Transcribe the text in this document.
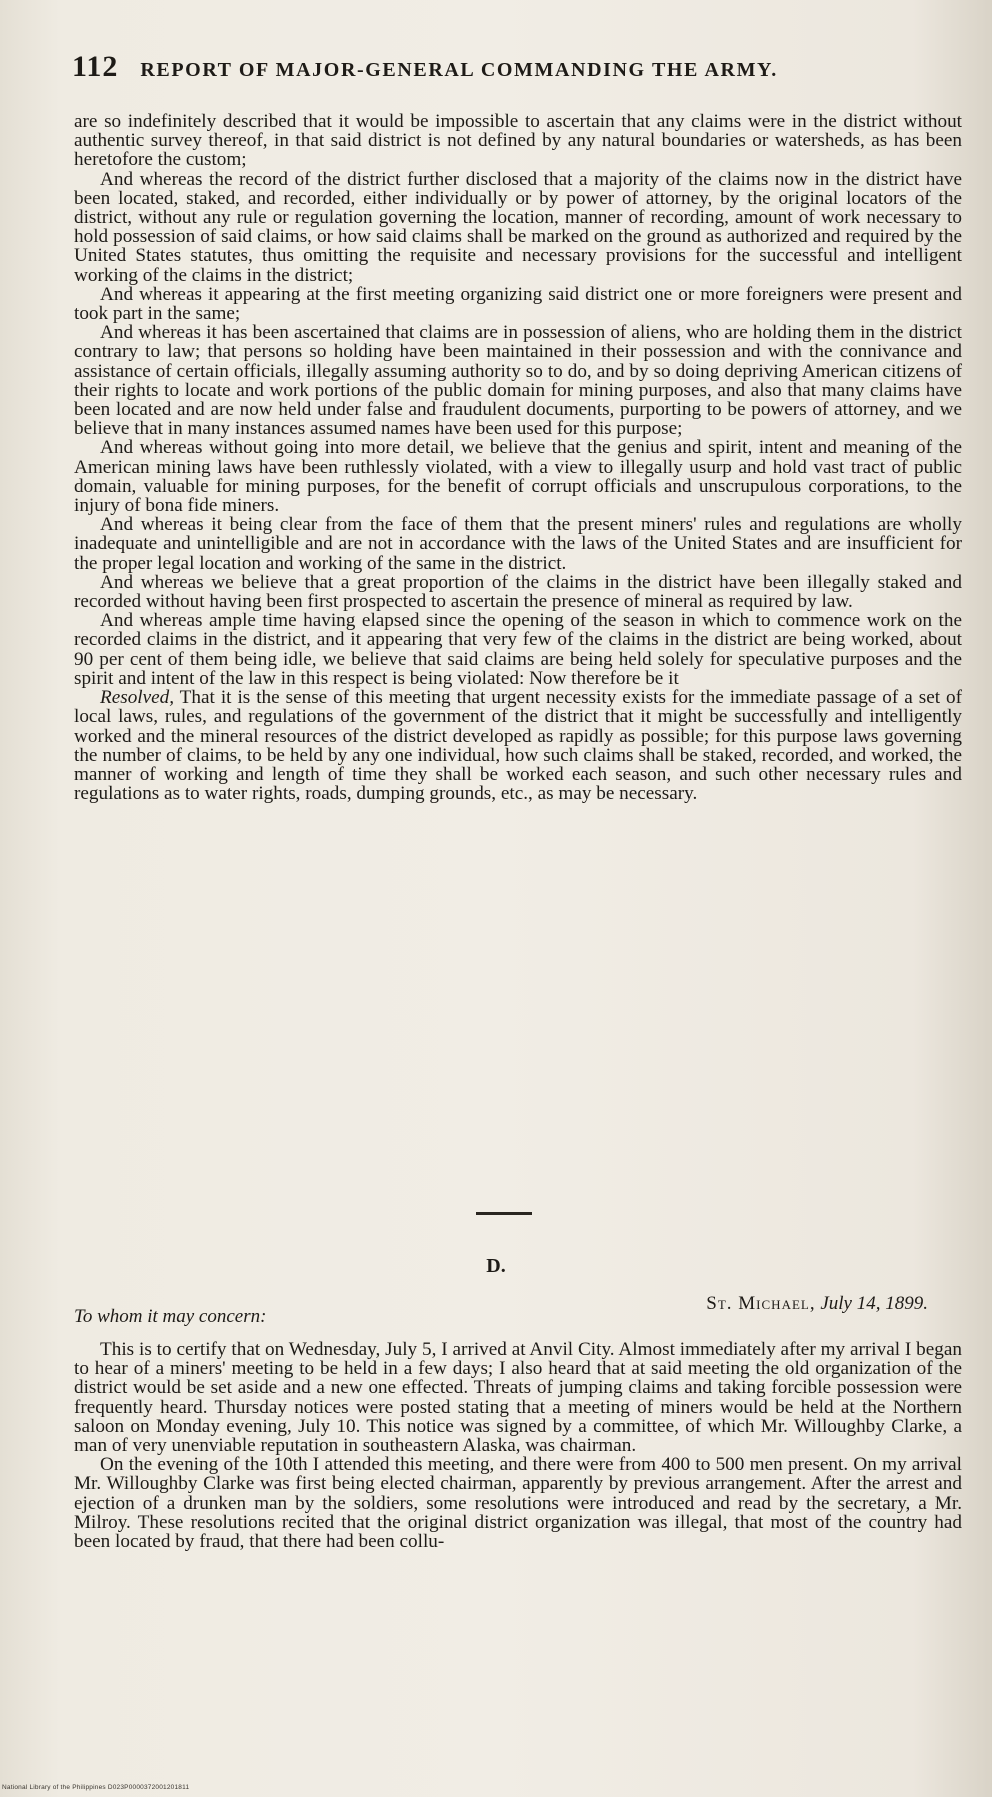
112 REPORT OF MAJOR-GENERAL COMMANDING THE ARMY.

are so indefinitely described that it would be impossible to ascertain that any claims were in the district without authentic survey thereof, in that said district is not defined by any natural boundaries or watersheds, as has been heretofore the custom;

And whereas the record of the district further disclosed that a majority of the claims now in the district have been located, staked, and recorded, either individually or by power of attorney, by the original locators of the district, without any rule or regulation governing the location, manner of recording, amount of work necessary to hold possession of said claims, or how said claims shall be marked on the ground as authorized and required by the United States statutes, thus omitting the requisite and necessary provisions for the successful and intelligent working of the claims in the district;

And whereas it appearing at the first meeting organizing said district one or more foreigners were present and took part in the same;

And whereas it has been ascertained that claims are in possession of aliens, who are holding them in the district contrary to law; that persons so holding have been maintained in their possession and with the connivance and assistance of certain officials, illegally assuming authority so to do, and by so doing depriving American citizens of their rights to locate and work portions of the public domain for mining purposes, and also that many claims have been located and are now held under false and fraudulent documents, purporting to be powers of attorney, and we believe that in many instances assumed names have been used for this purpose;

And whereas without going into more detail, we believe that the genius and spirit, intent and meaning of the American mining laws have been ruthlessly violated, with a view to illegally usurp and hold vast tract of public domain, valuable for mining purposes, for the benefit of corrupt officials and unscrupulous corporations, to the injury of bona fide miners.

And whereas it being clear from the face of them that the present miners' rules and regulations are wholly inadequate and unintelligible and are not in accordance with the laws of the United States and are insufficient for the proper legal location and working of the same in the district.

And whereas we believe that a great proportion of the claims in the district have been illegally staked and recorded without having been first prospected to ascertain the presence of mineral as required by law.

And whereas ample time having elapsed since the opening of the season in which to commence work on the recorded claims in the district, and it appearing that very few of the claims in the district are being worked, about 90 per cent of them being idle, we believe that said claims are being held solely for speculative purposes and the spirit and intent of the law in this respect is being violated: Now therefore be it

Resolved, That it is the sense of this meeting that urgent necessity exists for the immediate passage of a set of local laws, rules, and regulations of the government of the district that it might be successfully and intelligently worked and the mineral resources of the district developed as rapidly as possible; for this purpose laws governing the number of claims, to be held by any one individual, how such claims shall be staked, recorded, and worked, the manner of working and length of time they shall be worked each season, and such other necessary rules and regulations as to water rights, roads, dumping grounds, etc., as may be necessary.

D.
St. Michael, July 14, 1899.
To whom it may concern:

This is to certify that on Wednesday, July 5, I arrived at Anvil City. Almost immediately after my arrival I began to hear of a miners' meeting to be held in a few days; I also heard that at said meeting the old organization of the district would be set aside and a new one effected. Threats of jumping claims and taking forcible possession were frequently heard. Thursday notices were posted stating that a meeting of miners would be held at the Northern saloon on Monday evening, July 10. This notice was signed by a committee, of which Mr. Willoughby Clarke, a man of very unenviable reputation in southeastern Alaska, was chairman.

On the evening of the 10th I attended this meeting, and there were from 400 to 500 men present. On my arrival Mr. Willoughby Clarke was first being elected chairman, apparently by previous arrangement. After the arrest and ejection of a drunken man by the soldiers, some resolutions were introduced and read by the secretary, a Mr. Milroy. These resolutions recited that the original district organization was illegal, that most of the country had been located by fraud, that there had been collu-

National Library of the Philippines D023P0000372001201811
